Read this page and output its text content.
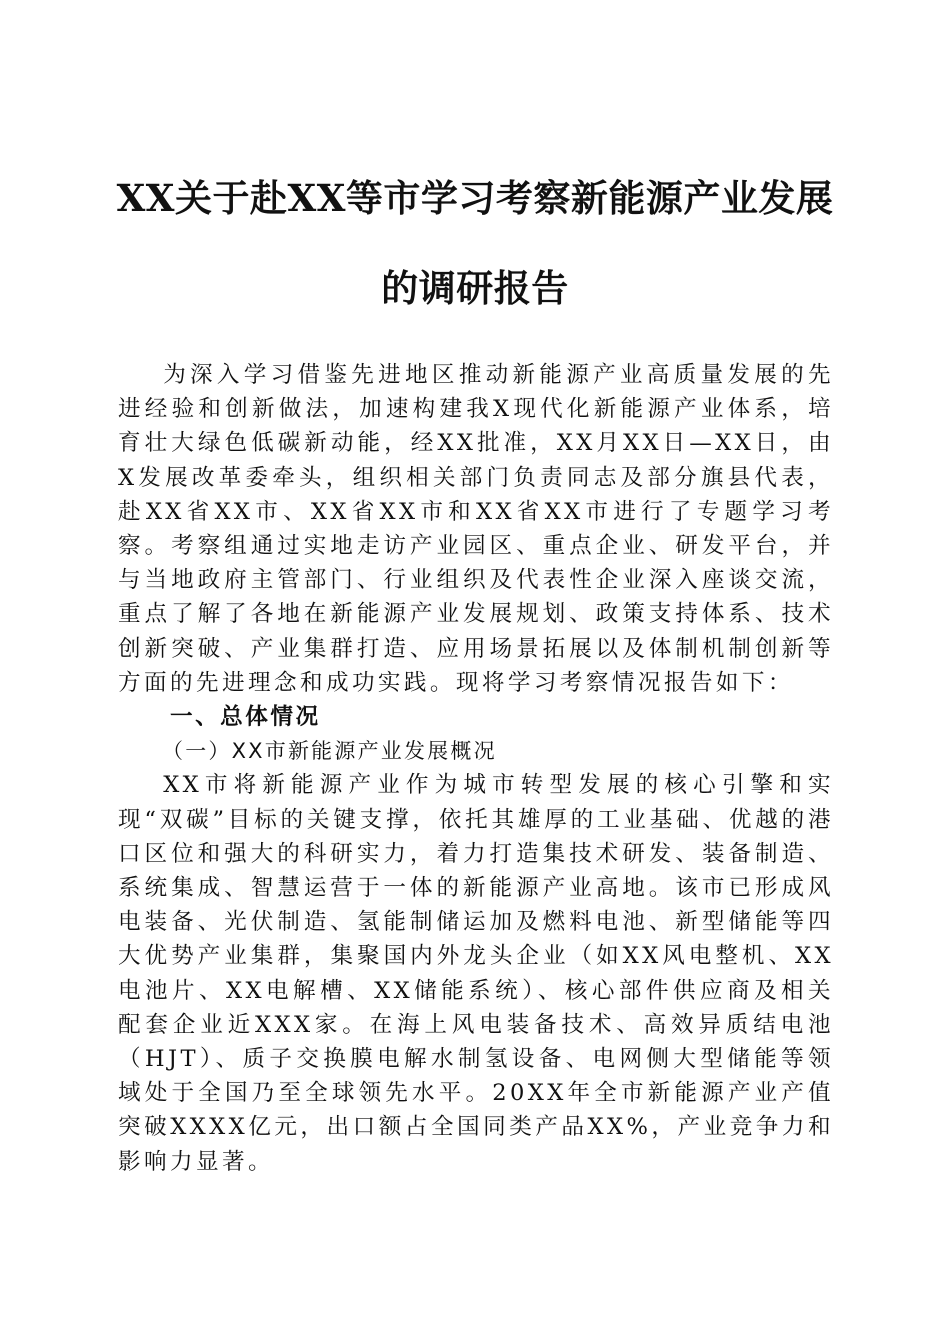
XX关于赴XX等市学习考察新能源产业发展
的调研报告

为深入学习借鉴先进地区推动新能源产业高质量发展的先进经验和创新做法，加速构建我X现代化新能源产业体系，培育壮大绿色低碳新动能，经XX批准，XX月XX日—XX日，由X发展改革委牵头，组织相关部门负责同志及部分旗县代表，赴XX省XX市、XX省XX市和XX省XX市进行了专题学习考察。考察组通过实地走访产业园区、重点企业、研发平台，并与当地政府主管部门、行业组织及代表性企业深入座谈交流，重点了解了各地在新能源产业发展规划、政策支持体系、技术创新突破、产业集群打造、应用场景拓展以及体制机制创新等方面的先进理念和成功实践。现将学习考察情况报告如下：

一、总体情况

（一）XX市新能源产业发展概况

XX市将新能源产业作为城市转型发展的核心引擎和实现“双碳”目标的关键支撑，依托其雄厚的工业基础、优越的港口区位和强大的科研实力，着力打造集技术研发、装备制造、系统集成、智慧运营于一体的新能源产业高地。该市已形成风电装备、光伏制造、氢能制储运加及燃料电池、新型储能等四大优势产业集群，集聚国内外龙头企业（如XX风电整机、XX电池片、XX电解槽、XX储能系统）、核心部件供应商及相关配套企业近XXX家。在海上风电装备技术、高效异质结电池（HJT）、质子交换膜电解水制氢设备、电网侧大型储能等领域处于全国乃至全球领先水平。20XX年全市新能源产业产值突破XXXX亿元，出口额占全国同类产品XX%，产业竞争力和影响力显著。
